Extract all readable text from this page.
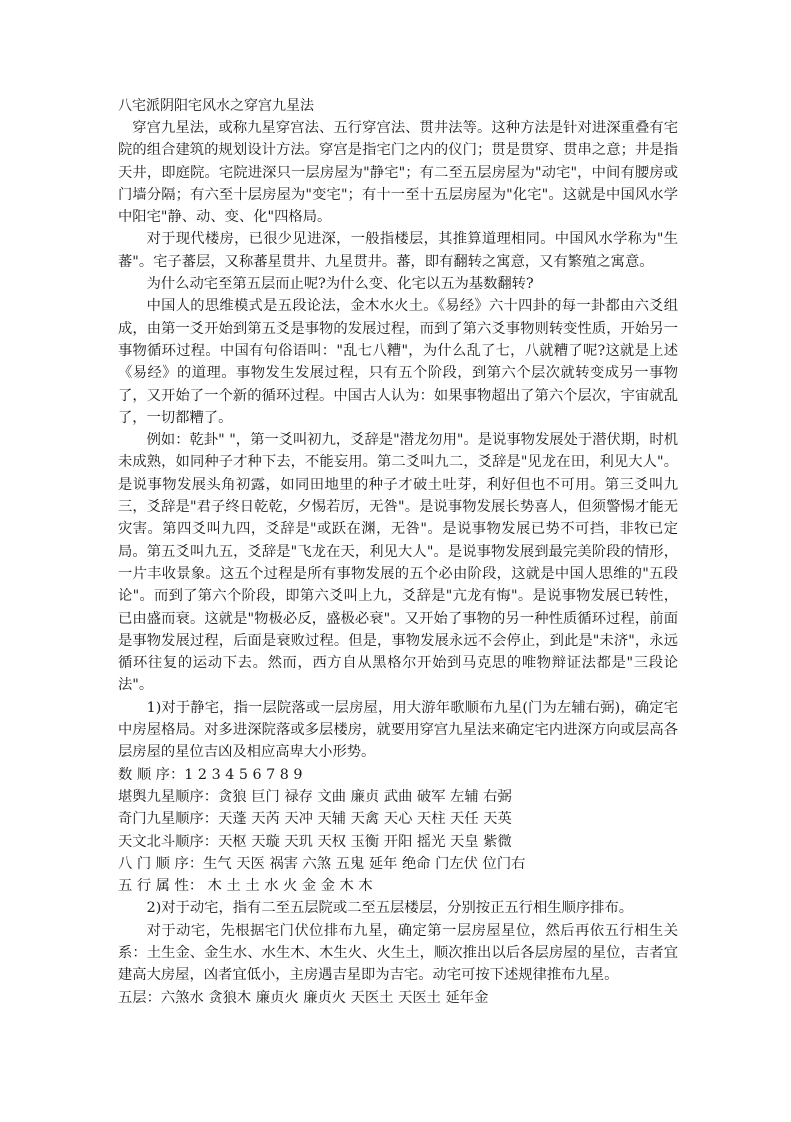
八宅派阴阳宅风水之穿宫九星法

穿宫九星法，或称九星穿宫法、五行穿宫法、贯井法等。这种方法是针对进深重叠有宅院的组合建筑的规划设计方法。穿宫是指宅门之内的仪门；贯是贯穿、贯串之意；井是指天井，即庭院。宅院进深只一层房屋为"静宅"；有二至五层房屋为"动宅"，中间有腰房或门墙分隔；有六至十层房屋为"变宅"；有十一至十五层房屋为"化宅"。这就是中国风水学中阳宅"静、动、变、化"四格局。

对于现代楼房，已很少见进深，一般指楼层，其推算道理相同。中国风水学称为"生蕃"。宅子蕃层，又称蕃星贯井、九星贯井。蕃，即有翻转之寓意，又有繁殖之寓意。

为什么动宅至第五层而止呢?为什么变、化宅以五为基数翻转?

中国人的思维模式是五段论法，金木水火土。《易经》六十四卦的每一卦都由六爻组成，由第一爻开始到第五爻是事物的发展过程，而到了第六爻事物则转变性质，开始另一事物循环过程。中国有句俗语叫："乱七八糟"，为什么乱了七，八就糟了呢?这就是上述《易经》的道理。事物发生发展过程，只有五个阶段，到第六个层次就转变成另一事物了，又开始了一个新的循环过程。中国古人认为：如果事物超出了第六个层次，宇宙就乱了，一切都糟了。

例如：乾卦" "，第一爻叫初九，爻辞是"潜龙勿用"。是说事物发展处于潜伏期，时机未成熟，如同种子才种下去，不能妄用。第二爻叫九二，爻辞是"见龙在田，利见大人"。是说事物发展头角初露，如同田地里的种子才破土吐芽，利好但也不可用。第三爻叫九三，爻辞是"君子终日乾乾，夕惕若厉，无咎"。是说事物发展长势喜人，但须警惕才能无灾害。第四爻叫九四，爻辞是"或跃在渊，无咎"。是说事物发展已势不可挡，非牧已定局。第五爻叫九五，爻辞是"飞龙在天，利见大人"。是说事物发展到最完美阶段的情形，一片丰收景象。这五个过程是所有事物发展的五个必由阶段，这就是中国人思维的"五段论"。而到了第六个阶段，即第六爻叫上九，爻辞是"亢龙有悔"。是说事物发展已转性，已由盛而衰。这就是"物极必反，盛极必衰"。又开始了事物的另一种性质循环过程，前面是事物发展过程，后面是衰败过程。但是，事物发展永远不会停止，到此是"未济"，永远循环往复的运动下去。然而，西方自从黑格尔开始到马克思的唯物辩证法都是"三段论法"。

1)对于静宅，指一层院落或一层房屋，用大游年歌顺布九星(门为左辅右弼)，确定宅中房屋格局。对多进深院落或多层楼房，就要用穿宫九星法来确定宅内进深方向或层高各层房屋的星位吉凶及相应高卑大小形势。

数 顺 序：1 2 3 4 5 6 7 8 9

堪舆九星顺序：贪狼 巨门 禄存 文曲 廉贞 武曲 破军 左辅 右弼

奇门九星顺序：天蓬 天芮 天冲 天辅 天禽 天心 天柱 天任 天英

天文北斗顺序：天枢 天璇 天玑 天权 玉衡 开阳 摇光 天皇 紫微

八 门 顺 序：生气 天医 祸害 六煞 五鬼 延年 绝命 门左伏 位门右

五 行 属 性： 木 土 土 水 火 金 金 木 木

2)对于动宅，指有二至五层院或二至五层楼层，分别按正五行相生顺序排布。

对于动宅，先根据宅门伏位排布九星，确定第一层房屋星位，然后再依五行相生关系：土生金、金生水、水生木、木生火、火生土，顺次推出以后各层房屋的星位，吉者宜建高大房屋，凶者宜低小，主房遇吉星即为吉宅。动宅可按下述规律推布九星。

五层：六煞水 贪狼木 廉贞火 廉贞火 天医土 天医土 延年金
